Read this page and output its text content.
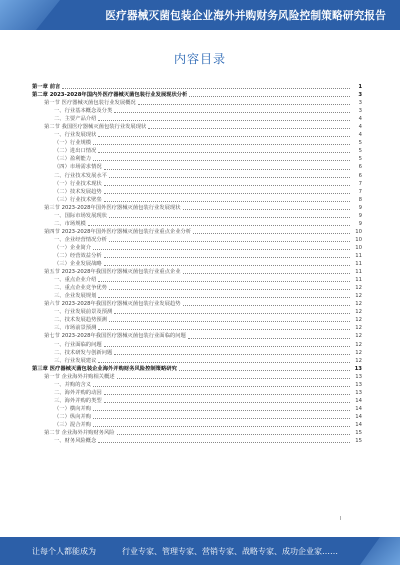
医疗器械灭菌包装企业海外并购财务风险控制策略研究报告
内容目录
第一章 前言	1
第二章 2023-2028年国内外医疗器械灭菌包装行业发展现状分析	3
第一节 医疗器械灭菌包装行业发展概况	3
一、行业基本概念及分类	3
二、主要产品介绍	4
第二节 我国医疗器械灭菌包装行业发展现状	4
一、行业发展现状	4
（一）行业规模	5
（二）进出口情况	5
（三）盈利能力	5
（四）市场需求情况	6
二、行业技术发展水平	6
（一）行业技术现状	7
（二）技术发展趋势	7
（三）行业技术壁垒	8
第三节 2023-2028年国外医疗器械灭菌包装行业发展现状	9
一、国际市场发展现状	9
二、市场规模	9
第四节 2023-2028年国外医疗器械灭菌包装行业重点企业分析	10
一、企业经营情况分析	10
（一）企业简介	10
（二）经营效益分析	11
（三）企业发展战略	11
第五节 2023-2028年我国医疗器械灭菌包装行业重点企业	11
一、重点企业介绍	11
二、重点企业竞争优势	12
三、企业发展规划	12
第六节 2023-2028年我国医疗器械灭菌包装行业发展趋势	12
一、行业发展前景及预测	12
二、技术发展趋势预测	12
三、市场前景预测	12
第七节 2023-2028年我国医疗器械灭菌包装行业面临的问题	12
一、行业面临的问题	12
二、技术研发与创新问题	12
三、行业发展建议	12
第三章 医疗器械灭菌包装企业海外并购财务风险控制策略研究	13
第一节 企业海外并购相关概述	13
一、并购的含义	13
二、海外并购的动因	13
三、海外并购的类型	14
（一）横向并购	14
（二）纵向并购	14
（三）混合并购	14
第二节 企业海外并购财务风险	15
一、财务风险概念	15
I
让每个人都能成为	行业专家、管理专家、营销专家、战略专家、成功企业家……
